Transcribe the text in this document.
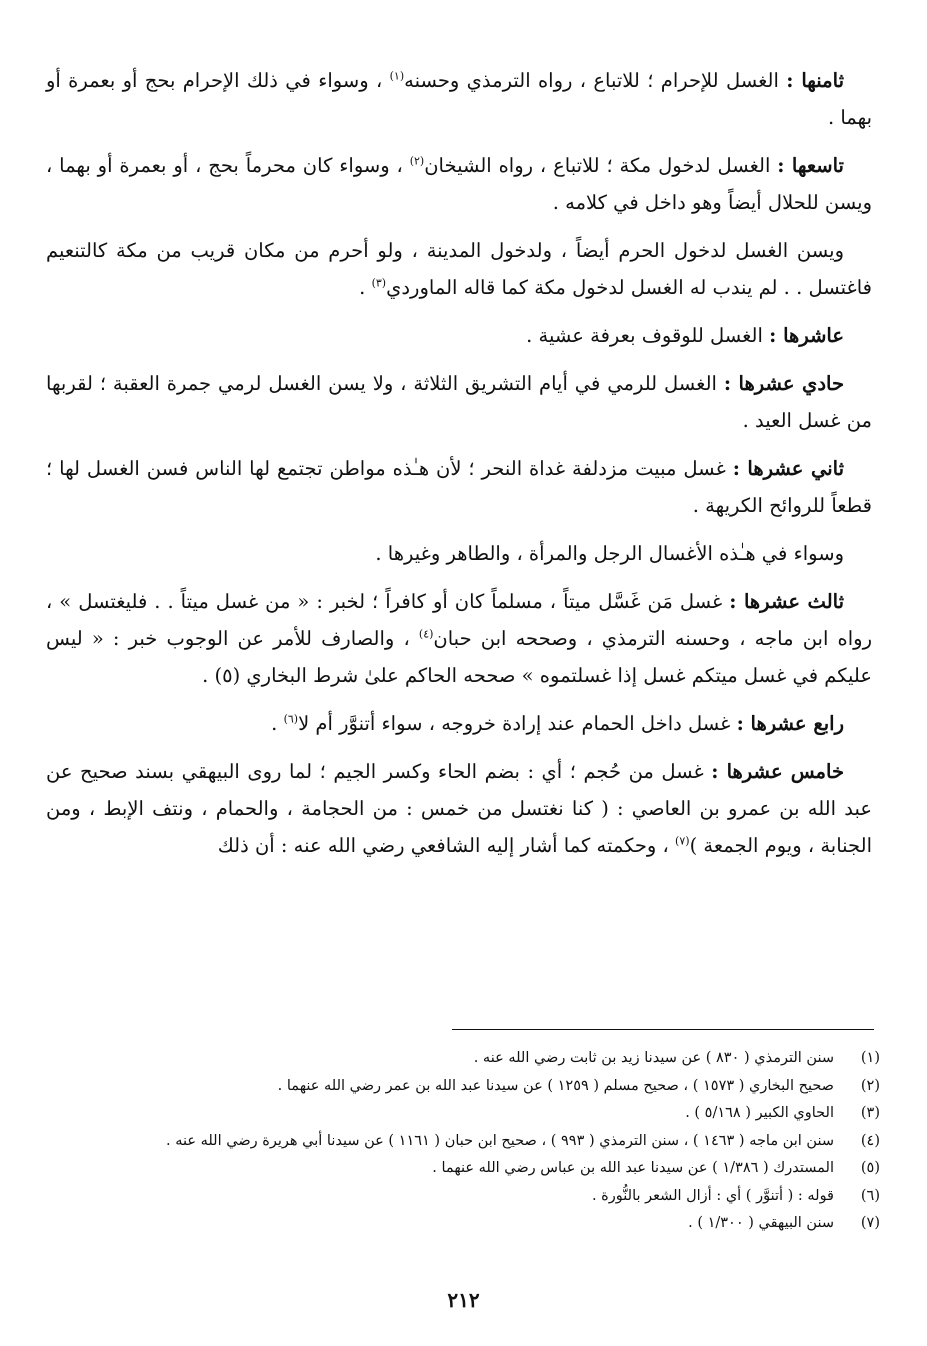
ثامنها : الغسل للإحرام ؛ للاتباع ، رواه الترمذي وحسنه$^{(١)}$ ، وسواء في ذلك الإحرام بحج أو بعمرة أو بهما .

تاسعها : الغسل لدخول مكة ؛ للاتباع ، رواه الشيخان$^{(٢)}$ ، وسواء كان محرماً بحج ، أو بعمرة أو بهما ، ويسن للحلال أيضاً وهو داخل في كلامه .

ويسن الغسل لدخول الحرم أيضاً ، ولدخول المدينة ، ولو أحرم من مكان قريب من مكة كالتنعيم فاغتسل . . لم يندب له الغسل لدخول مكة كما قاله الماوردي$^{(٣)}$ .

عاشرها : الغسل للوقوف بعرفة عشية .

حادي عشرها : الغسل للرمي في أيام التشريق الثلاثة ، ولا يسن الغسل لرمي جمرة العقبة ؛ لقربها من غسل العيد .

ثاني عشرها : غسل مبيت مزدلفة غداة النحر ؛ لأن هـٰذه مواطن تجتمع لها الناس فسن الغسل لها ؛ قطعاً للروائح الكريهة .

وسواء في هـٰذه الأغسال الرجل والمرأة ، والطاهر وغيرها .

ثالث عشرها : غسل مَن غَسَّل ميتاً ، مسلماً كان أو كافراً ؛ لخبر : « من غسل ميتاً . . فليغتسل » ، رواه ابن ماجه ، وحسنه الترمذي ، وصححه ابن حبان$^{(٤)}$ ، والصارف للأمر عن الوجوب خبر : « ليس عليكم في غسل ميتكم غسل إذا غسلتموه » صححه الحاكم علىٰ شرط البخاري (٥) .

رابع عشرها : غسل داخل الحمام عند إرادة خروجه ، سواء أتنوَّر أم لا$^{(٦)}$ .

خامس عشرها : غسل من حُجم ؛ أي : بضم الحاء وكسر الجيم ؛ لما روى البيهقي بسند صحيح عن عبد الله بن عمرو بن العاصي : ( كنا نغتسل من خمس : من الحجامة ، والحمام ، ونتف الإبط ، ومن الجنابة ، ويوم الجمعة )$^{(٧)}$ ، وحكمته كما أشار إليه الشافعي رضي الله عنه : أن ذلك

(١)
سنن الترمذي ( ٨٣٠ ) عن سيدنا زيد بن ثابت رضي الله عنه .
(٢)
صحيح البخاري ( ١٥٧٣ ) ، صحيح مسلم ( ١٢٥٩ ) عن سيدنا عبد الله بن عمر رضي الله عنهما .
(٣)
الحاوي الكبير ( ٥/١٦٨ ) .
(٤)
سنن ابن ماجه ( ١٤٦٣ ) ، سنن الترمذي ( ٩٩٣ ) ، صحيح ابن حبان ( ١١٦١ ) عن سيدنا أبي هريرة رضي الله عنه .
(٥)
المستدرك ( ١/٣٨٦ ) عن سيدنا عبد الله بن عباس رضي الله عنهما .
(٦)
قوله : ( أتنوَّر ) أي : أزال الشعر بالنُّورة .
(٧)
سنن البيهقي ( ١/٣٠٠ ) .
٢١٢
